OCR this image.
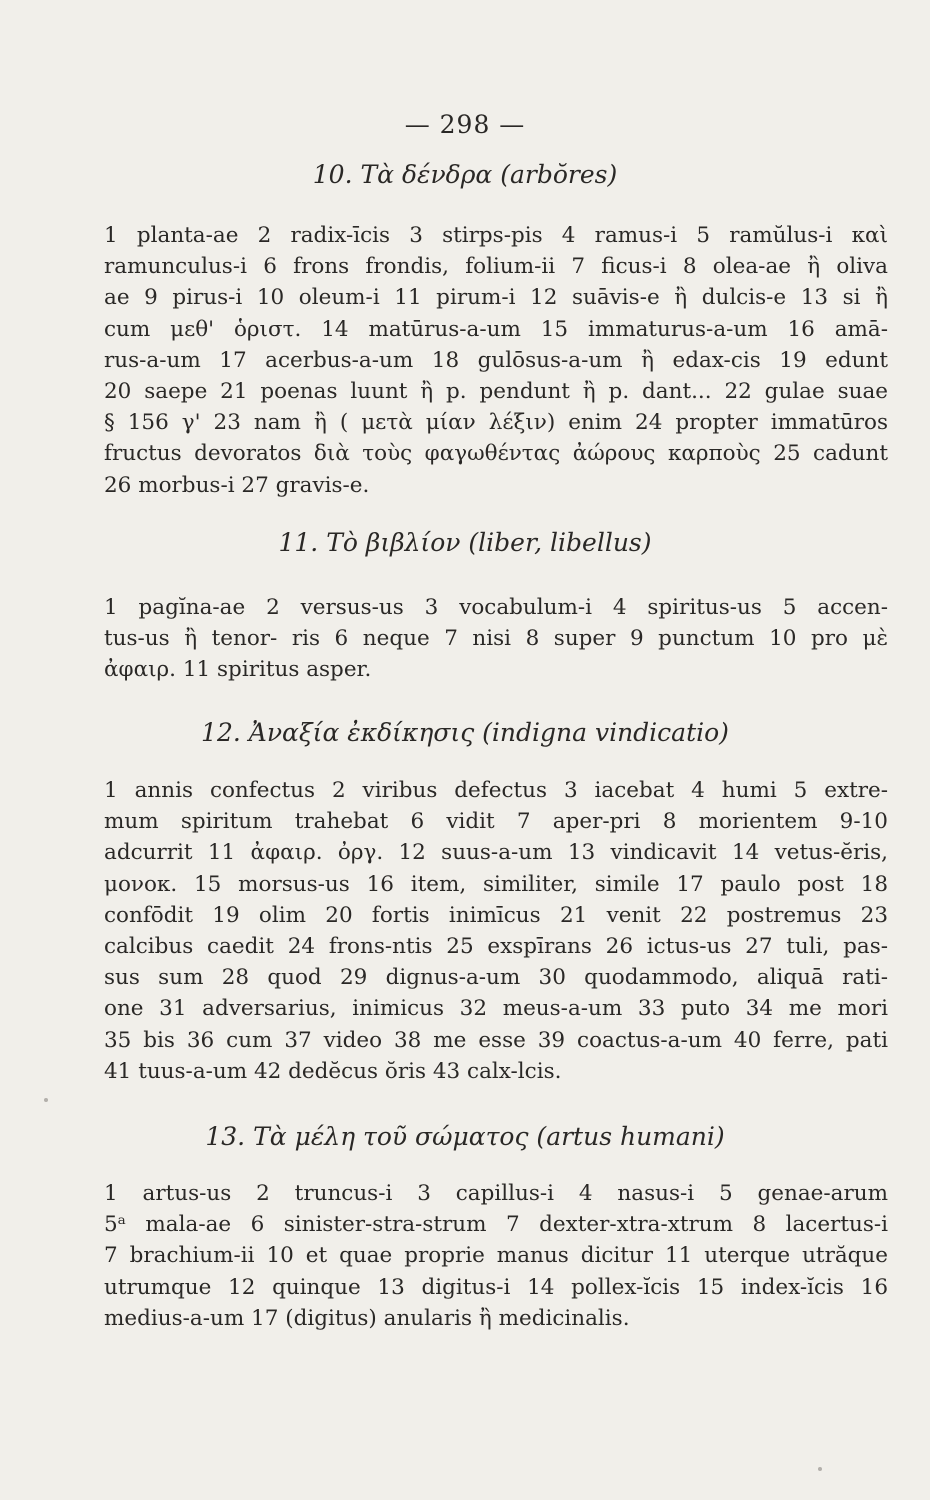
— 298 —
10. Τὰ δένδρα (arbŏres)
1 planta-ae 2 radix-īcis 3 stirps-pis 4 ramus-i 5 ramŭlus-i καὶ
ramunculus-i 6 frons frondis, folium-ii 7 ficus-i 8 olea-ae ἢ oliva
ae 9 pirus-i 10 oleum-i 11 pirum-i 12 suāvis-e ἢ dulcis-e 13 si ἢ
cum μεθ' ὁριστ. 14 matūrus-a-um 15 immaturus-a-um 16 amā-
rus-a-um 17 acerbus-a-um 18 gulōsus-a-um ἢ edax-cis 19 edunt
20 saepe 21 poenas luunt ἢ p. pendunt ἢ p. dant... 22 gulae suae
§ 156 γ' 23 nam ἢ ( μετὰ μίαν λέξιν) enim 24 propter immatūros
fructus devoratos διὰ τοὺς φαγωθέντας ἀώρους καρποὺς 25 cadunt
26 morbus-i 27 gravis-e.
11. Τὸ βιβλίον (liber, libellus)
1 pagĭna-ae 2 versus-us 3 vocabulum-i 4 spiritus-us 5 accen-
tus-us ἢ tenor- ris 6 neque 7 nisi 8 super 9 punctum 10 pro μὲ
ἀφαιρ. 11 spiritus asper.
12. Ἀναξία ἐκδίκησις (indigna vindicatio)
1 annis confectus 2 viribus defectus 3 iacebat 4 humi 5 extre-
mum spiritum trahebat 6 vidit 7 aper-pri 8 morientem 9-10
adcurrit 11 ἀφαιρ. ὀργ. 12 suus-a-um 13 vindicavit 14 vetus-ĕris,
μονοκ. 15 morsus-us 16 item, similiter, simile 17 paulo post 18
confōdit 19 olim 20 fortis inimīcus 21 venit 22 postremus 23
calcibus caedit 24 frons-ntis 25 exspīrans 26 ictus-us 27 tuli, pas-
sus sum 28 quod 29 dignus-a-um 30 quodammodo, aliquā rati-
one 31 adversarius, inimicus 32 meus-a-um 33 puto 34 me mori
35 bis 36 cum 37 video 38 me esse 39 coactus-a-um 40 ferre, pati
41 tuus-a-um 42 dedĕcus ŏris 43 calx-lcis.
13. Τὰ μέλη τοῦ σώματος (artus humani)
1 artus-us 2 truncus-i 3 capillus-i 4 nasus-i 5 genae-arum
5ᵃ mala-ae 6 sinister-stra-strum 7 dexter-xtra-xtrum 8 lacertus-i
7 brachium-ii 10 et quae proprie manus dicitur 11 uterque utrăque
utrumque 12 quinque 13 digitus-i 14 pollex-ĭcis 15 index-ĭcis 16
medius-a-um 17 (digitus) anularis ἢ medicinalis.
